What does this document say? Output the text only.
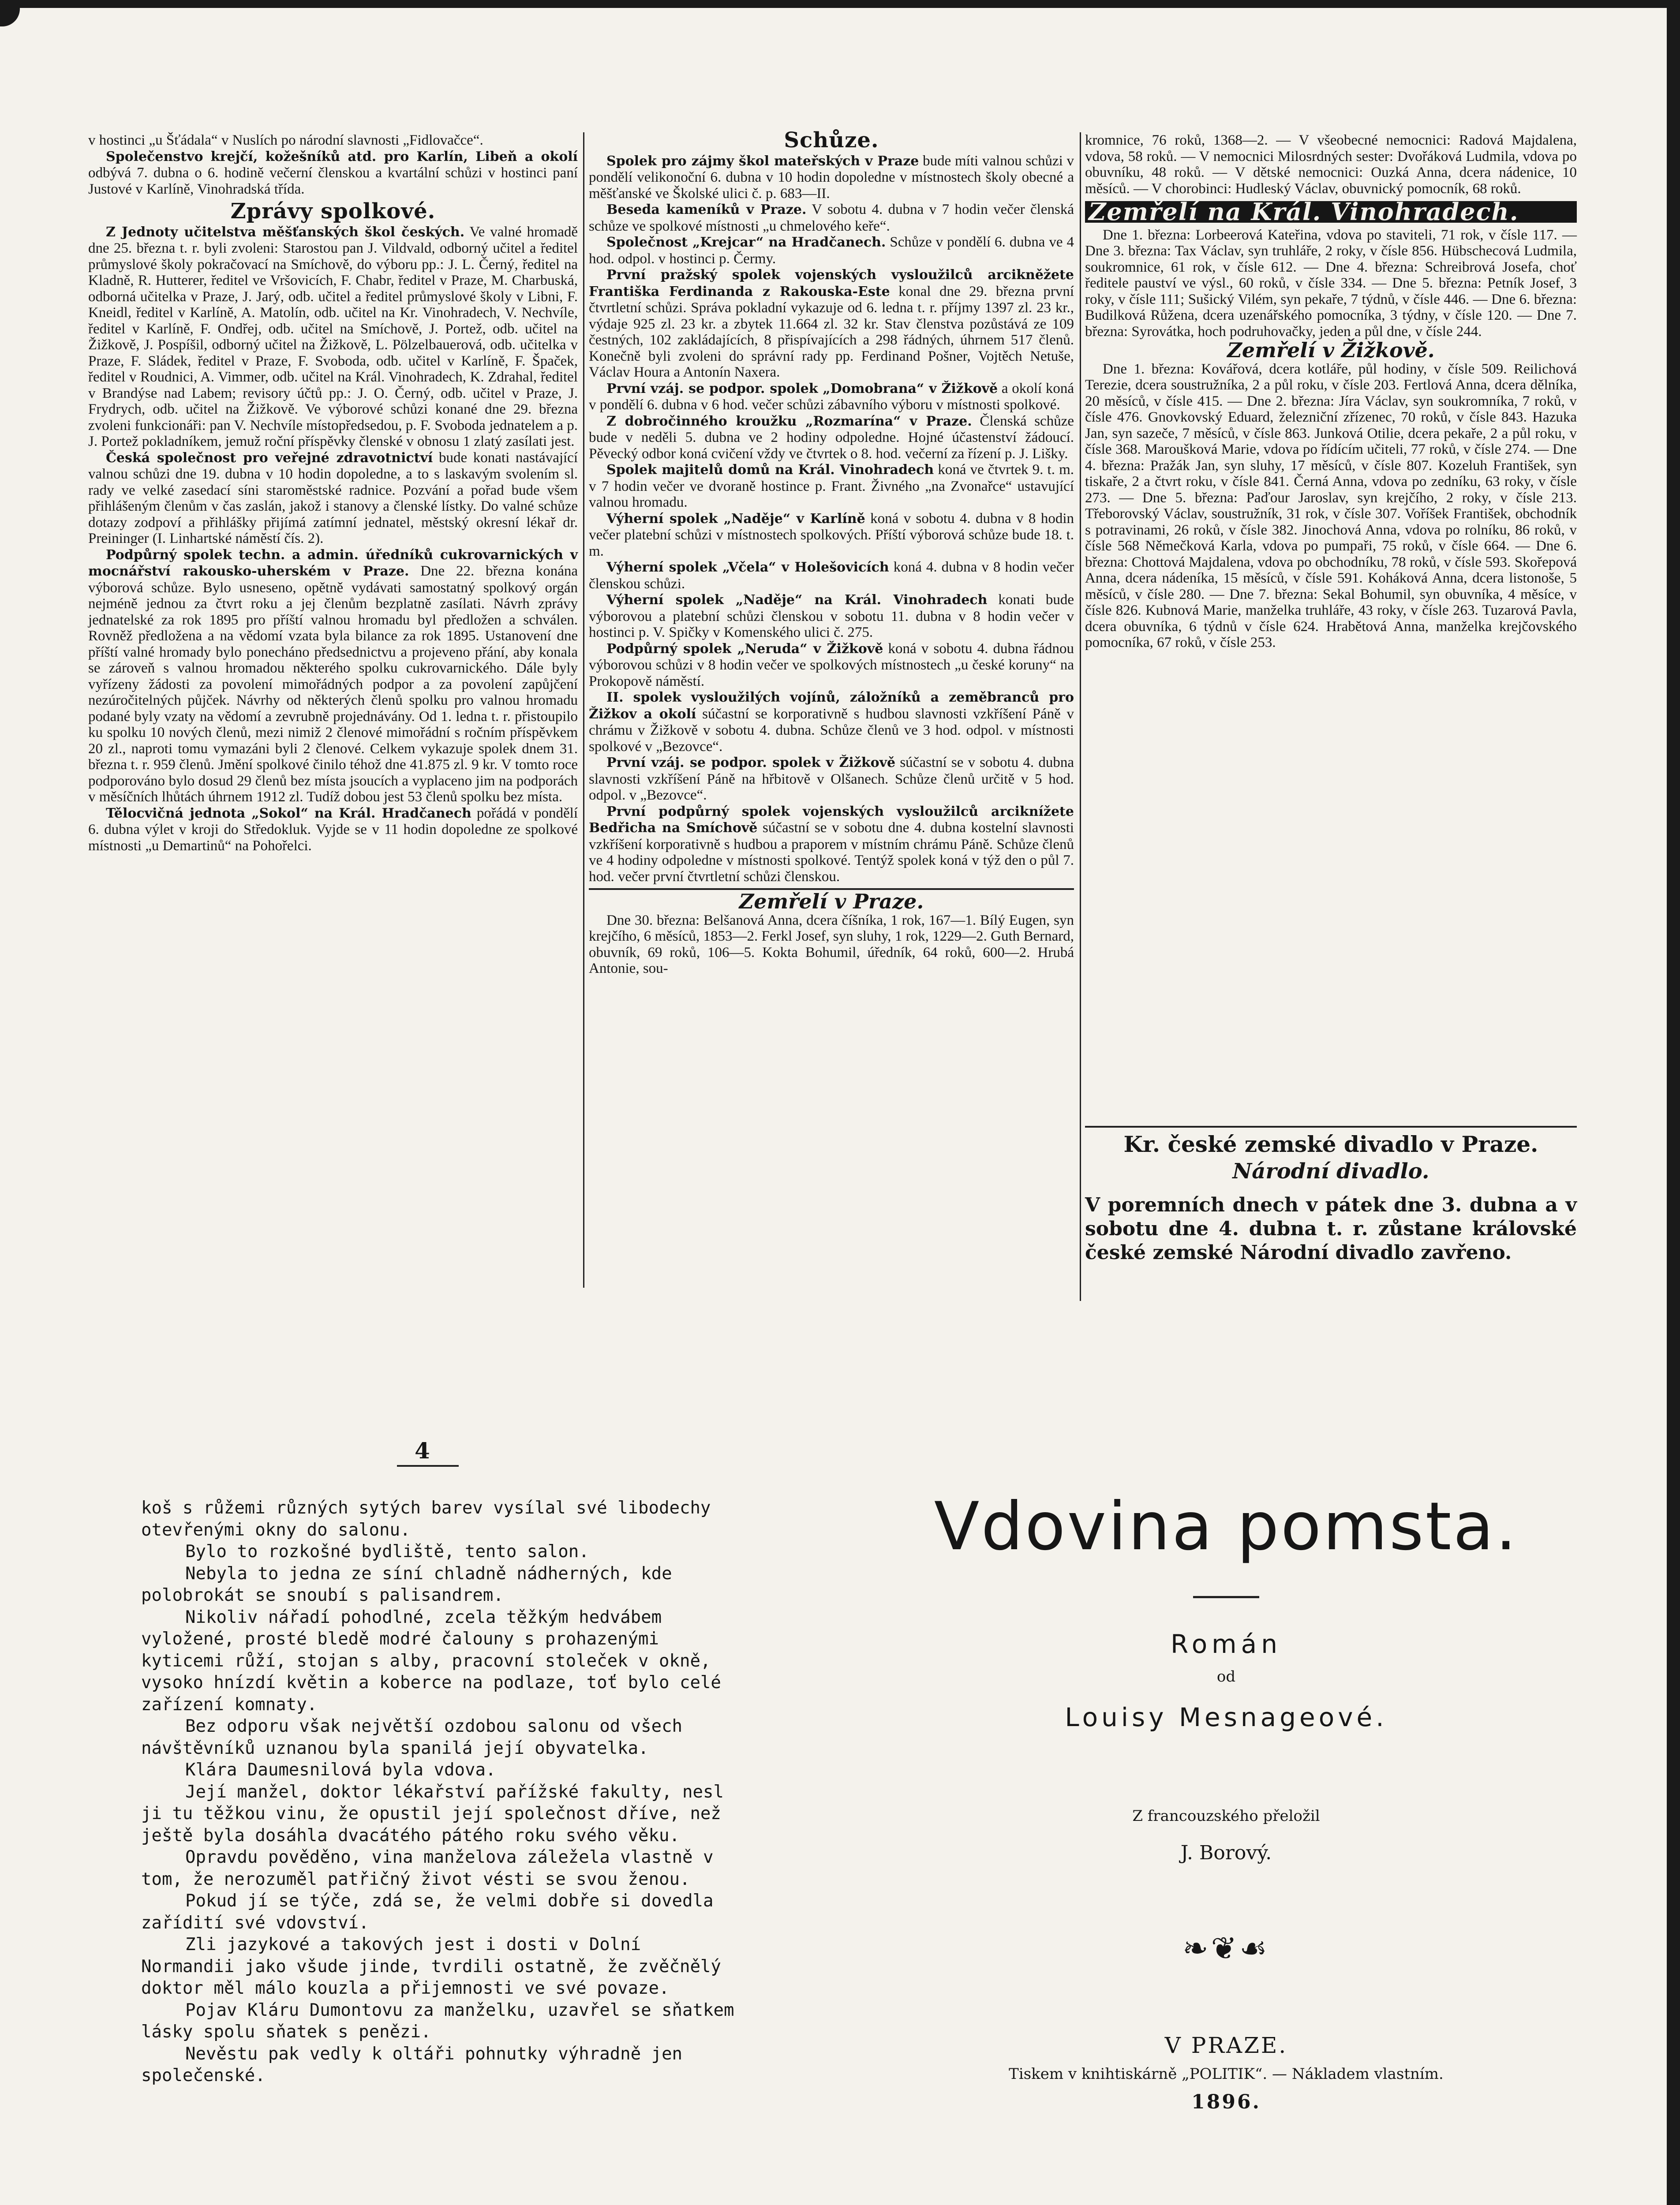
v hostinci „u Šťádala“ v Nuslích po národní slavnosti „Fidlovačce“.

Společenstvo krejčí, kožešníků atd. pro Karlín, Libeň a okolí odbývá 7. dubna o 6. hodině večerní členskou a kvartální schůzi v hostinci paní Justové v Karlíně, Vinohradská třída.

Zprávy spolkové.

Z Jednoty učitelstva měšťanských škol českých. Ve valné hromadě dne 25. března t. r. byli zvoleni: Starostou pan J. Vildvald, odborný učitel a ředitel průmyslové školy pokračovací na Smíchově, do výboru pp.: J. L. Černý, ředitel na Kladně, R. Hutterer, ředitel ve Vršovicích, F. Chabr, ředitel v Praze, M. Charbuská, odborná učitelka v Praze, J. Jarý, odb. učitel a ředitel průmyslové školy v Libni, F. Kneidl, ředitel v Karlíně, A. Matolín, odb. učitel na Kr. Vinohradech, V. Nechvíle, ředitel v Karlíně, F. Ondřej, odb. učitel na Smíchově, J. Portež, odb. učitel na Žižkově, J. Pospíšil, odborný učitel na Žižkově, L. Pölzelbauerová, odb. učitelka v Praze, F. Sládek, ředitel v Praze, F. Svoboda, odb. učitel v Karlíně, F. Špaček, ředitel v Roudnici, A. Vimmer, odb. učitel na Král. Vinohradech, K. Zdrahal, ředitel v Brandýse nad Labem; revisory účtů pp.: J. O. Černý, odb. učitel v Praze, J. Frydrych, odb. učitel na Žižkově. Ve výborové schůzi konané dne 29. března zvoleni funkcionáři: pan V. Nechvíle místopředsedou, p. F. Svoboda jednatelem a p. J. Portež pokladníkem, jemuž roční příspěvky členské v obnosu 1 zlatý zasílati jest.

Česká společnost pro veřejné zdravotnictví bude konati nastávající valnou schůzi dne 19. dubna v 10 hodin dopoledne, a to s laskavým svolením sl. rady ve velké zasedací síni staroměstské radnice. Pozvání a pořad bude všem přihlášeným členům v čas zaslán, jakož i stanovy a členské lístky. Do valné schůze dotazy zodpoví a přihlášky přijímá zatímní jednatel, městský okresní lékař dr. Preininger (I. Linhartské náměstí čís. 2).

Podpůrný spolek techn. a admin. úředníků cukrovarnických v mocnářství rakousko-uherském v Praze. Dne 22. března konána výborová schůze. Bylo usneseno, opětně vydávati samostatný spolkový orgán nejméně jednou za čtvrt roku a jej členům bezplatně zasílati. Návrh zprávy jednatelské za rok 1895 pro příští valnou hromadu byl předložen a schválen. Rovněž předložena a na vědomí vzata byla bilance za rok 1895. Ustanovení dne příští valné hromady bylo ponecháno předsednictvu a projeveno přání, aby konala se zároveň s valnou hromadou některého spolku cukrovarnického. Dále byly vyřízeny žádosti za povolení mimořádných podpor a za povolení zapůjčení nezúročitelných půjček. Návrhy od některých členů spolku pro valnou hromadu podané byly vzaty na vědomí a zevrubně projednávány. Od 1. ledna t. r. přistoupilo ku spolku 10 nových členů, mezi nimiž 2 členové mimořádní s ročním příspěvkem 20 zl., naproti tomu vymazáni byli 2 členové. Celkem vykazuje spolek dnem 31. března t. r. 959 členů. Jmění spolkové činilo téhož dne 41.875 zl. 9 kr. V tomto roce podporováno bylo dosud 29 členů bez místa jsoucích a vyplaceno jim na podporách v měsíčních lhůtách úhrnem 1912 zl. Tudíž dobou jest 53 členů spolku bez místa.

Tělocvičná jednota „Sokol“ na Král. Hradčanech pořádá v pondělí 6. dubna výlet v kroji do Středokluk. Vyjde se v 11 hodin dopoledne ze spolkové místnosti „u Demartinů“ na Pohořelci.

Schůze.

Spolek pro zájmy škol mateřských v Praze bude míti valnou schůzi v pondělí velikonoční 6. dubna v 10 hodin dopoledne v místnostech školy obecné a měšťanské ve Školské ulici č. p. 683—II.

Beseda kameníků v Praze. V sobotu 4. dubna v 7 hodin večer členská schůze ve spolkové místnosti „u chmelového keře“.

Společnost „Krejcar“ na Hradčanech. Schůze v pondělí 6. dubna ve 4 hod. odpol. v hostinci p. Čermy.

První pražský spolek vojenských vysloužilců arcikněžete Františka Ferdinanda z Rakouska-Este konal dne 29. března první čtvrtletní schůzi. Správa pokladní vykazuje od 6. ledna t. r. příjmy 1397 zl. 23 kr., výdaje 925 zl. 23 kr. a zbytek 11.664 zl. 32 kr. Stav členstva pozůstává ze 109 čestných, 102 zakládajících, 8 přispívajících a 298 řádných, úhrnem 517 členů. Konečně byli zvoleni do správní rady pp. Ferdinand Pošner, Vojtěch Netuše, Václav Houra a Antonín Naxera.

První vzáj. se podpor. spolek „Domobrana“ v Žižkově a okolí koná v pondělí 6. dubna v 6 hod. večer schůzi zábavního výboru v místnosti spolkové.

Z dobročinného kroužku „Rozmarína“ v Praze. Členská schůze bude v neděli 5. dubna ve 2 hodiny odpoledne. Hojné účastenství žádoucí. Pěvecký odbor koná cvičení vždy ve čtvrtek o 8. hod. večerní za řízení p. J. Lišky.

Spolek majitelů domů na Král. Vinohradech koná ve čtvrtek 9. t. m. v 7 hodin večer ve dvoraně hostince p. Frant. Živného „na Zvonařce“ ustavující valnou hromadu.

Výherní spolek „Naděje“ v Karlíně koná v sobotu 4. dubna v 8 hodin večer platební schůzi v místnostech spolkových. Příští výborová schůze bude 18. t. m.

Výherní spolek „Včela“ v Holešovicích koná 4. dubna v 8 hodin večer členskou schůzi.

Výherní spolek „Naděje“ na Král. Vinohradech konati bude výborovou a platební schůzi členskou v sobotu 11. dubna v 8 hodin večer v hostinci p. V. Spičky v Komenského ulici č. 275.

Podpůrný spolek „Neruda“ v Žižkově koná v sobotu 4. dubna řádnou výborovou schůzi v 8 hodin večer ve spolkových místnostech „u české koruny“ na Prokopově náměstí.

II. spolek vysloužilých vojínů, záložníků a zeměbranců pro Žižkov a okolí súčastní se korporativně s hudbou slavnosti vzkříšení Páně v chrámu v Žižkově v sobotu 4. dubna. Schůze členů ve 3 hod. odpol. v místnosti spolkové v „Bezovce“.

První vzáj. se podpor. spolek v Žižkově súčastní se v sobotu 4. dubna slavnosti vzkříšení Páně na hřbitově v Olšanech. Schůze členů určitě v 5 hod. odpol. v „Bezovce“.

První podpůrný spolek vojenských vysloužilců arciknížete Bedřicha na Smíchově súčastní se v sobotu dne 4. dubna kostelní slavnosti vzkříšení korporativně s hudbou a praporem v místním chrámu Páně. Schůze členů ve 4 hodiny odpoledne v místnosti spolkové. Tentýž spolek koná v týž den o půl 7. hod. večer první čtvrtletní schůzi členskou.

Zemřelí v Praze.

Dne 30. března: Belšanová Anna, dcera číšníka, 1 rok, 167—1. Bílý Eugen, syn krejčího, 6 měsíců, 1853—2. Ferkl Josef, syn sluhy, 1 rok, 1229—2. Guth Bernard, obuvník, 69 roků, 106—5. Kokta Bohumil, úředník, 64 roků, 600—2. Hrubá Antonie, sou-

kromnice, 76 roků, 1368—2. — V všeobecné nemocnici: Radová Majdalena, vdova, 58 roků. — V nemocnici Milosrdných sester: Dvořáková Ludmila, vdova po obuvníku, 48 roků. — V dětské nemocnici: Ouzká Anna, dcera nádenice, 10 měsíců. — V chorobinci: Hudleský Václav, obuvnický pomocník, 68 roků.

Zemřelí na Král. Vinohradech.

Dne 1. března: Lorbeerová Kateřina, vdova po staviteli, 71 rok, v čísle 117. — Dne 3. března: Tax Václav, syn truhláře, 2 roky, v čísle 856. Hübschecová Ludmila, soukromnice, 61 rok, v čísle 612. — Dne 4. března: Schreibrová Josefa, choť ředitele pauství ve výsl., 60 roků, v čísle 334. — Dne 5. března: Petník Josef, 3 roky, v čísle 111; Sušický Vilém, syn pekaře, 7 týdnů, v čísle 446. — Dne 6. března: Budilková Růžena, dcera uzenářského pomocníka, 3 týdny, v čísle 120. — Dne 7. března: Syrovátka, hoch podruhovačky, jeden a půl dne, v čísle 244.

Zemřelí v Žižkově.

Dne 1. března: Kovářová, dcera kotláře, půl hodiny, v čísle 509. Reilichová Terezie, dcera soustružníka, 2 a půl roku, v čísle 203. Fertlová Anna, dcera dělníka, 20 měsíců, v čísle 415. — Dne 2. března: Jíra Václav, syn soukromníka, 7 roků, v čísle 476. Gnovkovský Eduard, železniční zřízenec, 70 roků, v čísle 843. Hazuka Jan, syn sazeče, 7 měsíců, v čísle 863. Junková Otilie, dcera pekaře, 2 a půl roku, v čísle 368. Maroušková Marie, vdova po řídícím učiteli, 77 roků, v čísle 274. — Dne 4. března: Pražák Jan, syn sluhy, 17 měsíců, v čísle 807. Kozeluh František, syn tiskaře, 2 a čtvrt roku, v čísle 841. Černá Anna, vdova po zedníku, 63 roky, v čísle 273. — Dne 5. března: Paďour Jaroslav, syn krejčího, 2 roky, v čísle 213. Třeborovský Václav, soustružník, 31 rok, v čísle 307. Voříšek František, obchodník s potravinami, 26 roků, v čísle 382. Jinochová Anna, vdova po rolníku, 86 roků, v čísle 568 Němečková Karla, vdova po pumpaři, 75 roků, v čísle 664. — Dne 6. března: Chottová Majdalena, vdova po obchodníku, 78 roků, v čísle 593. Skořepová Anna, dcera nádeníka, 15 měsíců, v čísle 591. Koháková Anna, dcera listonoše, 5 měsíců, v čísle 280. — Dne 7. března: Sekal Bohumil, syn obuvníka, 4 měsíce, v čísle 826. Kubnová Marie, manželka truhláře, 43 roky, v čísle 263. Tuzarová Pavla, dcera obuvníka, 6 týdnů v čísle 624. Hrabětová Anna, manželka krejčovského pomocníka, 67 roků, v čísle 253.

Kr. české zemské divadlo v Praze.
Národní divadlo.
V poremních dnech v pátek dne 3. dubna a v sobotu dne 4. dubna t. r. zůstane královské české zemské Národní divadlo zavřeno.
4

koš s růžemi různých sytých barev vysílal své libodechy otevřenými okny do salonu.

Bylo to rozkošné bydliště, tento salon.

Nebyla to jedna ze síní chladně nádherných, kde polobrokát se snoubí s palisandrem.

Nikoliv nářadí pohodlné, zcela těžkým hedvábem vyložené, prosté bledě modré čalouny s prohazenými kyticemi růží, stojan s alby, pracovní stoleček v okně, vysoko hnízdí květin a koberce na podlaze, toť bylo celé zařízení komnaty.

Bez odporu však největší ozdobou salonu od všech návštěvníků uznanou byla spanilá její obyvatelka.

Klára Daumesnilová byla vdova.

Její manžel, doktor lékařství pařížské fakulty, nesl ji tu těžkou vinu, že opustil její společnost dříve, než ještě byla dosáhla dvacátého pátého roku svého věku.

Opravdu pověděno, vina manželova záležela vlastně v tom, že nerozuměl patřičný život vésti se svou ženou.

Pokud jí se týče, zdá se, že velmi dobře si dovedla zařídití své vdovství.

Zli jazykové a takových jest i dosti v Dolní Normandii jako všude jinde, tvrdili ostatně, že zvěčnělý doktor měl málo kouzla a přijemnosti ve své povaze.

Pojav Kláru Dumontovu za manželku, uzavřel se sňatkem lásky spolu sňatek s penězi.

Nevěstu pak vedly k oltáři pohnutky výhradně jen společenské.

Vdovina pomsta.
Román
od
Louisy Mesnageové.
Z francouzského přeložil
J. Borový.
❧❦☙
V PRAZE.
Tiskem v knihtiskárně „POLITIK“. — Nákladem vlastním.
1896.
